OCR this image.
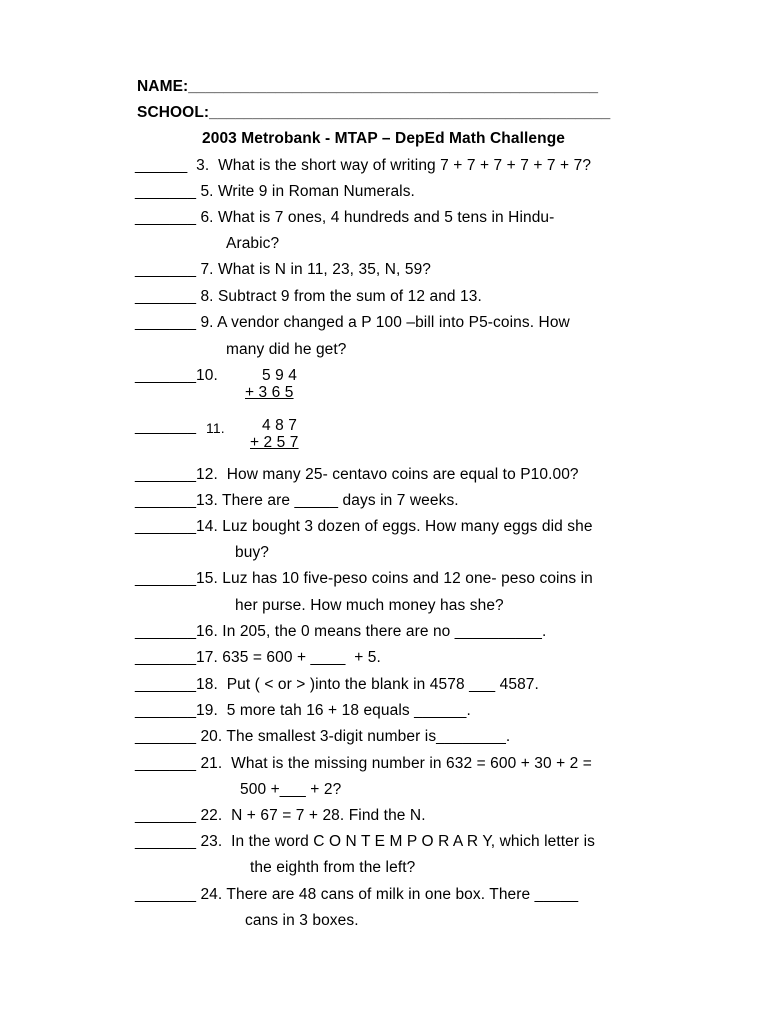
NAME:_______________________________________________
SCHOOL:______________________________________________
2003 Metrobank - MTAP – DepEd Math Challenge
______  3.  What is the short way of writing 7 + 7 + 7 + 7 + 7 + 7?
_______ 5. Write 9 in Roman Numerals.
_______ 6. What is 7 ones, 4 hundreds and 5 tens in Hindu-
Arabic?
_______ 7. What is N in 11, 23, 35, N, 59?
_______ 8. Subtract 9 from the sum of 12 and 13.
_______ 9. A vendor changed a P 100 –bill into P5-coins. How
many did he get?
_______10.	5 9 4
+ 3 6 5
_______ 11. 4 8 7
+ 2 5 7
_______12.  How many 25- centavo coins are equal to P10.00?
_______13. There are _____ days in 7 weeks.
_______14. Luz bought 3 dozen of eggs. How many eggs did she
buy?
_______15. Luz has 10 five-peso coins and 12 one- peso coins in
her purse. How much money has she?
_______16. In 205, the 0 means there are no __________.
_______17. 635 = 600 + ____  + 5.
_______18.  Put ( < or > )into the blank in 4578 ___ 4587.
_______19.  5 more tah 16 + 18 equals ______.
_______ 20. The smallest 3-digit number is________.
_______ 21.  What is the missing number in 632 = 600 + 30 + 2 =
500 +___ + 2?
_______ 22.  N + 67 = 7 + 28. Find the N.
_______ 23.  In the word C O N T E M P O R A R Y, which letter is
the eighth from the left?
_______ 24. There are 48 cans of milk in one box. There _____
cans in 3 boxes.
